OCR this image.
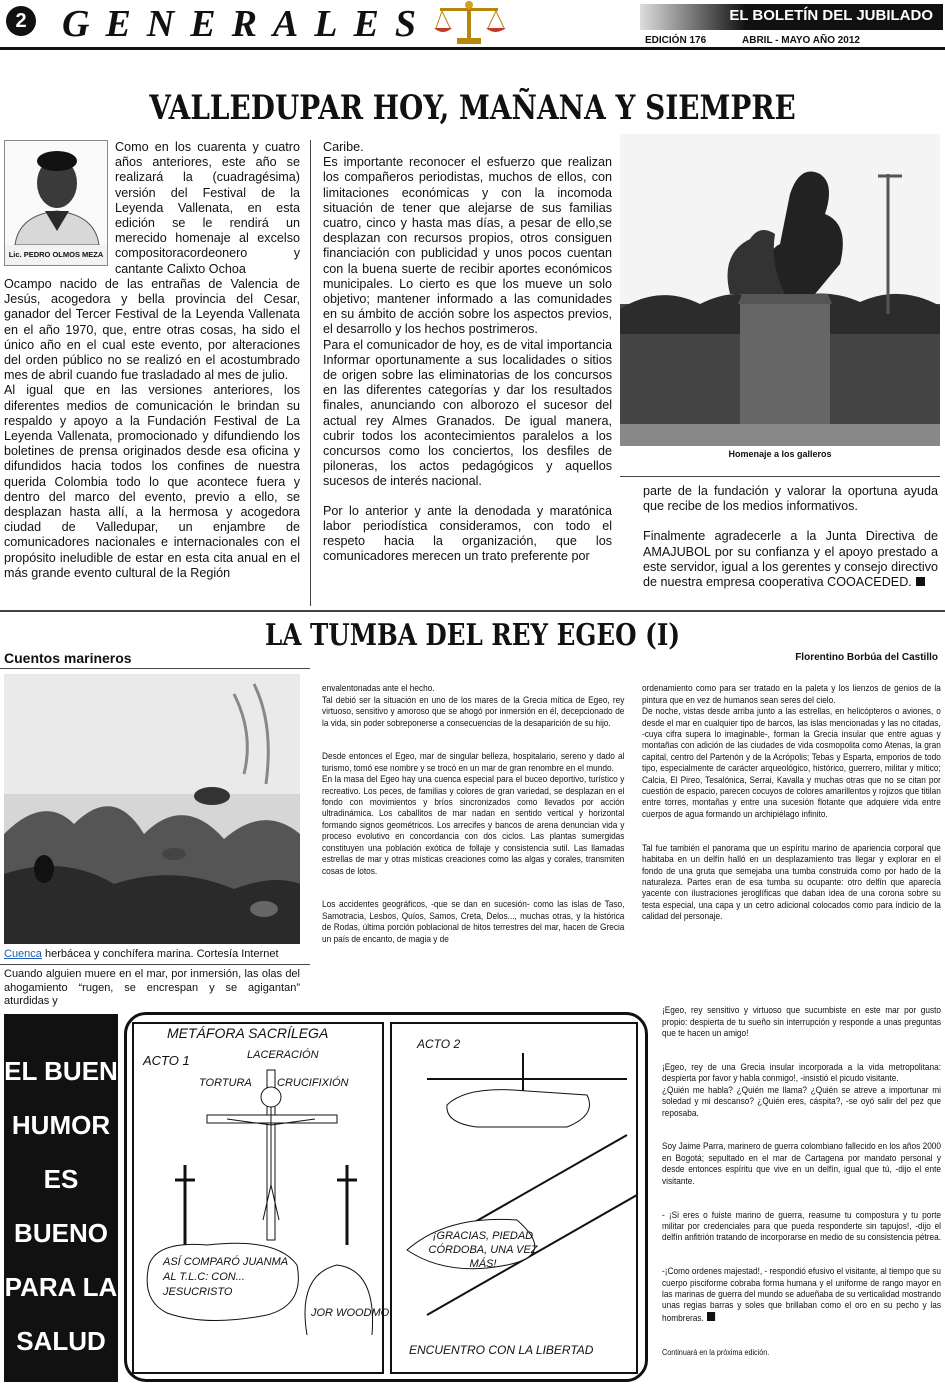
2 GENERALES	EL BOLETÍN DEL JUBILADO
EDICIÓN 176	ABRIL - MAYO AÑO 2012
VALLEDUPAR HOY, MAÑANA Y SIEMPRE
Lic. PEDRO OLMOS MEZA
Como en los cuarenta y cuatro años anteriores, este año se realizará la (cuadragésima) versión del Festival de la Leyenda Vallenata, en esta edición se le rendirá un merecido homenaje al excelso compositoracordeonero y cantante Calixto Ochoa

Ocampo nacido de las entrañas de Valencia de Jesús, acogedora y bella provincia del Cesar, ganador del Tercer Festival de la Leyenda Vallenata en el año 1970, que, entre otras cosas, ha sido el único año en el cual este evento, por alteraciones del orden público no se realizó en el acostumbrado mes de abril cuando fue trasladado al mes de julio.

Al igual que en las versiones anteriores, los diferentes medios de comunicación le brindan su respaldo y apoyo a la Fundación Festival de La Leyenda Vallenata, promocionado y difundiendo los boletines de prensa originados desde esa oficina y difundidos hacia todos los confines de nuestra querida Colombia todo lo que acontece fuera y dentro del marco del evento, previo a ello, se desplazan hasta allí, a la hermosa y acogedora ciudad de Valledupar, un enjambre de comunicadores nacionales e internacionales con el propósito ineludible de estar en esta cita anual en el más grande evento cultural de la Región

Caribe.

Es importante reconocer el esfuerzo que realizan los compañeros periodistas, muchos de ellos, con limitaciones económicas y con la incomoda situación de tener que alejarse de sus familias cuatro, cinco y hasta mas días, a pesar de ello,se desplazan con recursos propios, otros consiguen financiación con publicidad y unos pocos cuentan con la buena suerte de recibir aportes económicos municipales. Lo cierto es que los mueve un solo objetivo; mantener informado a las comunidades en su ámbito de acción sobre los aspectos previos, el desarrollo y los hechos postrimeros.

Para el comunicador de hoy, es de vital importancia Informar oportunamente a sus localidades o sitios de origen sobre las eliminatorias de los concursos en las diferentes categorías y dar los resultados finales, anunciando con alborozo el sucesor del actual rey Almes Granados. De igual manera, cubrir todos los acontecimientos paralelos a los concursos como los conciertos, los desfiles de piloneras, los actos pedagógicos y aquellos sucesos de interés nacional.

Por lo anterior y ante la denodada y maratónica labor periodística consideramos, con todo el respeto hacia la organización, que los comunicadores merecen un trato preferente por

Homenaje a los galleros

parte de la fundación y valorar la oportuna ayuda que recibe de los medios informativos.

Finalmente agradecerle a la Junta Directiva de AMAJUBOL por su confianza y el apoyo prestado a este servidor, igual a los gerentes y consejo directivo de nuestra empresa cooperativa COOACEDED.

LA TUMBA DEL REY EGEO (I)
Cuentos marineros	Florentino Borbúa del Castillo
Cuenca herbácea y conchífera marina. Cortesía Internet
Cuando alguien muere en el mar, por inmersión, las olas del ahogamiento “rugen, se encrespan y se agigantan” aturdidas y

envalentonadas ante el hecho.
Tal debió ser la situación en uno de los mares de la Grecia mítica de Egeo, rey virtuoso, sensitivo y amoroso que se ahogó por inmersión en él, decepcionado de la vida, sin poder sobreponerse a consecuencias de la desaparición de su hijo.

Desde entonces el Egeo, mar de singular belleza, hospitalario, sereno y dado al turismo, tomó ese nombre y se trocó en un mar de gran renombre en el mundo.
En la masa del Egeo hay una cuenca especial para el buceo deportivo, turístico y recreativo. Los peces, de familias y colores de gran variedad, se desplazan en el fondo con movimientos y bríos sincronizados como llevados por acción ultradinámica. Los caballitos de mar nadan en sentido vertical y horizontal formando signos geométricos. Los arrecifes y bancos de arena denuncian vida y proceso evolutivo en concordancia con dos ciclos. Las plantas sumergidas constituyen una población exótica de follaje y consistencia sutil. Las llamadas estrellas de mar y otras místicas creaciones como las algas y corales, transmiten cosas de lotos.

Los accidentes geográficos, -que se dan en sucesión- como las islas de Taso, Samotracia, Lesbos, Quíos, Samos, Creta, Delos..., muchas otras, y la histórica de Rodas, última porción poblacional de hitos terrestres del mar, hacen de Grecia un país de encanto, de magia y de

ordenamiento como para ser tratado en la paleta y los lienzos de genios de la pintura que en vez de humanos sean seres del cielo.
De noche, vistas desde arriba junto a las estrellas, en helicópteros o aviones, o desde el mar en cualquier tipo de barcos, las islas mencionadas y las no citadas, -cuya cifra supera lo imaginable-, forman la Grecia insular que entre aguas y montañas con adición de las ciudades de vida cosmopolita como Atenas, la gran capital, centro del Partenón y de la Acrópolis; Tebas y Esparta, emporios de todo tipo, especialmente de carácter arqueológico, histórico, guerrero, militar y mítico; Calcia, El Pireo, Tesalónica, Serrai, Kavalla y muchas otras que no se citan por cuestión de espacio, parecen cocuyos de colores amarillentos y rojizos que titilan entre torres, montañas y entre una sucesión flotante que adquiere vida entre cuerpos de agua formando un archipiélago infinito.

Tal fue también el panorama que un espíritu marino de apariencia corporal que habitaba en un delfín halló en un desplazamiento tras llegar y explorar en el fondo de una gruta que semejaba una tumba construida como por hado de la naturaleza. Partes eran de esa tumba su ocupante: otro delfín que aparecía yacente con ilustraciones jeroglíficas que daban idea de una corona sobre su testa especial, una capa y un cetro adicional colocados como para indicio de la calidad del personaje.

¡Egeo, rey sensitivo y virtuoso que sucumbiste en este mar por gusto propio: despierta de tu sueño sin interrupción y responde a unas preguntas que te hacen un amigo!

¡Egeo, rey de una Grecia insular incorporada a la vida metropolitana: despierta por favor y habla conmigo!, -insistió el picudo visitante.
¿Quién me habla? ¿Quién me llama? ¿Quién se atreve a importunar mi soledad y mi descanso? ¿Quién eres, cáspita?, -se oyó salir del pez que reposaba.

Soy Jaime Parra, marinero de guerra colombiano fallecido en los años 2000 en Bogotá; sepultado en el mar de Cartagena por mandato personal y desde entonces espíritu que vive en un delfín, igual que tú, -dijo el ente visitante.

- ¡Si eres o fuiste marino de guerra, reasume tu compostura y tu porte militar por credenciales para que pueda responderte sin tapujos!, -dijo el delfín anfitrión tratando de incorporarse en medio de su consistencia pétrea.

-¡Como ordenes majestad!, - respondió efusivo el visitante, al tiempo que su cuerpo pisciforme cobraba forma humana y el uniforme de rango mayor en las marinas de guerra del mundo se adueñaba de su verticalidad mostrando unas regias barras y soles que brillaban como el oro en su pecho y las hombreras.

Continuará en la próxima edición.

EL BUEN
HUMOR
ES BUENO
PARA LA
SALUD
METÁFORA SACRÍLEGA
ACTO 1	LACERACIÓN
TORTURA CRUCIFIXIÓN
ASÍ COMPARÓ JUANMA AL T.L.C: CON... JESUCRISTO
JOR WOODMO
ACTO 2
¡GRACIAS, PIEDAD CÓRDOBA, UNA VEZ MÁS!
ENCUENTRO CON LA LIBERTAD
